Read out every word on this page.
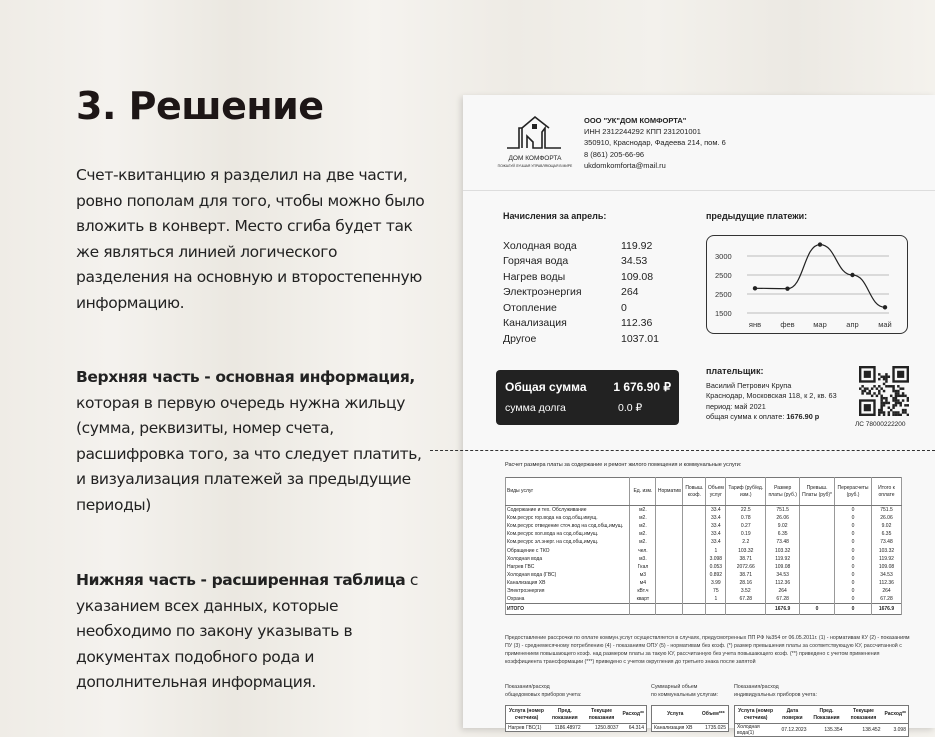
3. Решение

Счет-квитанцию я разделил на две части, ровно пополам для того, чтобы можно было вложить в конверт. Место сгиба будет так же являться линией логического разделения на основную и второстепенную информацию.

Верхняя часть - основная информация, которая в первую очередь нужна жильцу (сумма, реквизиты, номер счета, расшифровка того, за что следует платить, и визуализация платежей за предыдущие периоды)

Нижняя часть - расширенная таблица с указанием всех данных, которые необходимо по закону указывать в документах подобного рода и дополнительная информация.

ДОМ КОМФОРТА
ПОЖАЛУЙ ЛУЧШАЯ УПРАВЛЯЮЩАЯ В МИРЕ
ООО "УК"ДОМ КОМФОРТА"
ИНН 2312244292 КПП 231201001
350910, Краснодар, Фадеева 214, пом. 6
8 (861) 205-66-96
ukdomkomforta@mail.ru
Начисления за апрель:
Холодная вода	119.92
Горячая вода	34.53
Нагрев воды	109.08
Электроэнергия	264
Отопление	0
Канализация	112.36
Другое	1037.01
Общая сумма 1 676.90 ₽
сумма долга	0.0 ₽
предыдущие платежи:
3000
2500
2500
1500
янв	фев мар	апр	май
плательщик:
Василий Петрович Крупа
Краснодар, Московская 118, к 2, кв. 63
период: май 2021
общая сумма к оплате: 1676.90 р
ЛС 78000222200
Расчет размера платы за содержание и ремонт жилого помещения и коммунальные услуги:
Виды услуг	Ед. изм.	Норматив	Повыш. коэф.	Объем услуг	Тариф (руб/ед. изм.)	Размер платы (руб.)	Превыш. Платы (руб)*	Перерасчеты (руб.)	Итого к оплате
Содержание и тех. Обслуживание	м2.			33.4	22.5	751.5		0	751.5
Ком.ресурс гор.вода на сод.общ.имущ.	м2.			33.4	0.78	26.06		0	26.06
Ком.ресурс отведение сточ.вод на сод.общ.имущ.	м2.			33.4	0.27	9.02		0	9.02
Ком.ресурс хол.вода на сод.общ.имущ.	м2.			33.4	0.19	6.35		0	6.35
Ком.ресурс эл.энерг. на сод.общ.имущ.	м2.			33.4	2.2	73.48		0	73.48
Обращение с ТКО	чел.			1	103.32	103.32		0	103.32
Холодная вода	м3.			3.098	38.71	119.92		0	119.92
Нагрев ГВС	Гкал			0.053	2072.66	109.08		0	109.08
Холодная вода (ГВС)	м3			0.892	38.71	34.53		0	34.53
Канализация ХВ	м4			3.99	28.16	112.36		0	112.36
Электроэнергия	кВт.ч			75	3.52	264		0	264
Охрана	кварт			1	67.28	67.28		0	67.28
ИТОГО						1676.9	0	0	1676.9
Предоставление рассрочки по оплате коммун.услуг осуществляется в случаях, предусмотренных ПП РФ №354 от 06.05.2011г. (1) - нормативам КУ (2) - показаниям ПУ (3) - среднемесячному потреблению (4) - показаниям ОПУ (5) - нормативам без коэф. (*) размер превышения платы за соответствующую КУ, рассчитанной с применением повышающего коэф. над размером платы за такую КУ, рассчитанную без учета повышающего коэф. (**) приведено с учетом применения коэффициента трансформации (***) приведено с учетом округления до третьего знака после запятой
Показания/расход
общедомовых приборов учета:
Суммарный объем
по коммунальным услугам:
Показания/расход
индивидуальных приборов учета:
Услуга (номер счетчика)	Пред. показания	Текущие показания	Расход**
Нагрев ГВС(1)	1186.48972	1250.8037	64.314
Услуга	Объем***
Канализация ХВ	1735.025
Услуга (номер счетчика)	Дата поверки	Пред. Показания	Текущие показания	Расход**
Холодная вода(1)	07.12.2023	135.354	138.452	3.098
